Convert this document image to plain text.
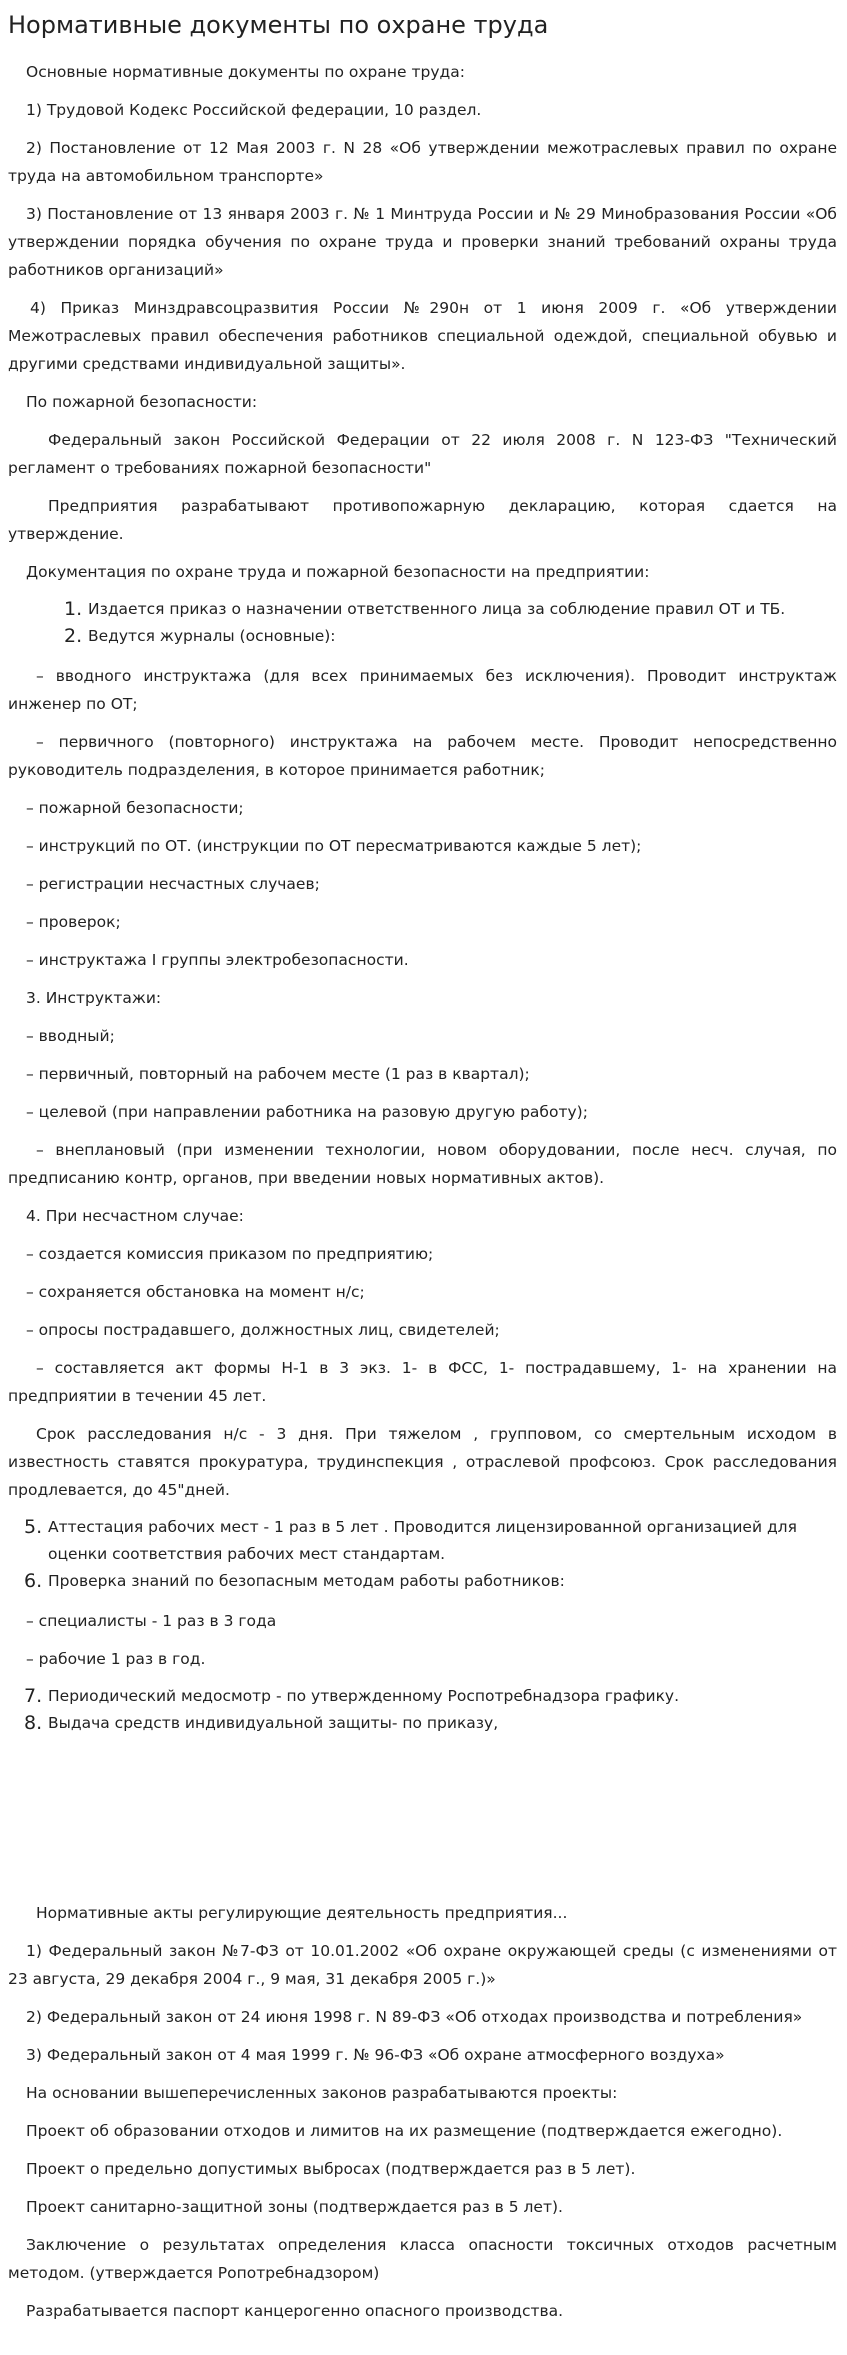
Нормативные документы по охране труда

Основные нормативные документы по охране труда:

1) Трудовой Кодекс Российской федерации, 10 раздел.

2) Постановление от 12 Мая 2003 г. N 28 «Об утверждении межотраслевых правил по охране труда на автомобильном транспорте»

3) Постановление от 13 января 2003 г. № 1 Минтруда России и № 29 Минобразования России «Об утверждении порядка обучения по охране труда и проверки знаний требований охраны труда работников организаций»

4) Приказ Минздравсоцразвития России №290н от 1 июня 2009 г. «Об утверждении Межотраслевых правил обеспечения работников специальной одеждой, специальной обувью и другими средствами индивидуальной защиты».

По пожарной безопасности:

Федеральный закон Российской Федерации от 22 июля 2008 г. N 123-ФЗ "Технический регламент о требованиях пожарной безопасности"

Предприятия разрабатывают противопожарную декларацию, которая сдается на утверждение.

Документация по охране труда и пожарной безопасности на предприятии:

1. Издается приказ о назначении ответственного лица за соблюдение правил ОТ и ТБ.
2. Ведутся журналы (основные):

– вводного инструктажа (для всех принимаемых без исключения). Проводит инструктаж инженер по ОТ;

– первичного (повторного) инструктажа на рабочем месте. Проводит непосредственно руководитель подразделения, в которое принимается работник;

– пожарной безопасности;

– инструкций по ОТ. (инструкции по ОТ пересматриваются каждые 5 лет);

– регистрации несчастных случаев;

– проверок;

– инструктажа I группы электробезопасности.

3. Инструктажи:

– вводный;

– первичный, повторный на рабочем месте (1 раз в квартал);

– целевой (при направлении работника на разовую другую работу);

– внеплановый (при изменении технологии, новом оборудовании, после несч. случая, по предписанию контр, органов, при введении новых нормативных актов).

4. При несчастном случае:

– создается комиссия приказом по предприятию;

– сохраняется обстановка на момент н/с;

– опросы пострадавшего, должностных лиц, свидетелей;

– составляется акт формы Н-1 в 3 экз. 1- в ФСС, 1- пострадавшему, 1- на хранении на предприятии в течении 45 лет.

Срок расследования н/с - 3 дня. При тяжелом , групповом, со смертельным исходом в известность ставятся прокуратура, трудинспекция , отраслевой профсоюз. Срок расследования продлевается, до 45"дней.

5. Аттестация рабочих мест - 1 раз в 5 лет . Проводится лицензированной организацией для оценки соответствия рабочих мест стандартам.
6. Проверка знаний по безопасным методам работы работников:

– специалисты - 1 раз в 3 года

– рабочие 1 раз в год.

7. Периодический медосмотр - по утвержденному Роспотребнадзора графику.
8. Выдача средств индивидуальной защиты- по приказу,

Нормативные акты регулирующие деятельность предприятия...

1) Федеральный закон №7-ФЗ от 10.01.2002 «Об охране окружающей среды (с изменениями от 23 августа, 29 декабря 2004 г., 9 мая, 31 декабря 2005 г.)»

2) Федеральный закон от 24 июня 1998 г. N 89-ФЗ «Об отходах производства и потребления»

3) Федеральный закон от 4 мая 1999 г. № 96-ФЗ «Об охране атмосферного воздуха»

На основании вышеперечисленных законов разрабатываются проекты:

Проект об образовании отходов и лимитов на их размещение (подтверждается ежегодно).

Проект о предельно допустимых выбросах (подтверждается раз в 5 лет).

Проект санитарно-защитной зоны (подтверждается раз в 5 лет).

Заключение о результатах определения класса опасности токсичных отходов расчетным методом. (утверждается Ропотребнадзором)

Разрабатывается паспорт канцерогенно опасного производства.
